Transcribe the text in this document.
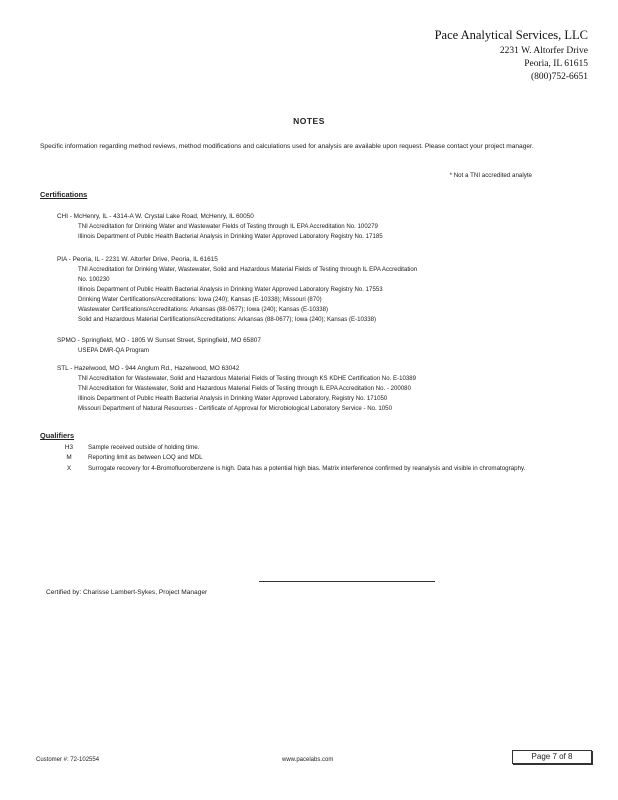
Pace Analytical Services, LLC
2231 W. Altorfer Drive
Peoria, IL 61615
(800)752-6651
NOTES
Specific information regarding method reviews, method modifications and calculations used for analysis are available upon request. Please contact your project manager.
* Not a TNI accredited analyte
Certifications
CHI - McHenry, IL - 4314-A W. Crystal Lake Road, McHenry, IL 60050
TNI Accreditation for Drinking Water and Wastewater Fields of Testing through IL EPA Accreditation No. 100279
Illinois Department of Public Health Bacterial Analysis in Drinking Water Approved Laboratory Registry No. 17185
PIA - Peoria, IL - 2231 W. Altorfer Drive, Peoria, IL 61615
TNI Accreditation for Drinking Water, Wastewater, Solid and Hazardous Material Fields of Testing through IL EPA Accreditation
No. 100230
Illinois Department of Public Health Bacterial Analysis in Drinking Water Approved Laboratory Registry No. 17553
Drinking Water Certifications/Accreditations: Iowa (240); Kansas (E-10338); Missouri (870)
Wastewater Certifications/Accreditations: Arkansas (88-0677); Iowa (240); Kansas (E-10338)
Solid and Hazardous Material Certifications/Accreditations: Arkansas (88-0677); Iowa (240); Kansas (E-10338)
SPMO - Springfield, MO - 1805 W Sunset Street, Springfield, MO 65807
USEPA DMR-QA Program
STL - Hazelwood, MO - 944 Anglum Rd., Hazelwood, MO 63042
TNI Accreditation for Wastewater, Solid and Hazardous Material Fields of Testing through KS KDHE Certification No. E-10389
TNI Accreditation for Wastewater, Solid and Hazardous Material Fields of Testing through IL EPA Accreditation No. - 200080
Illinois Department of Public Health Bacterial Analysis in Drinking Water Approved Laboratory, Registry No. 171050
Missouri Department of Natural Resources - Certificate of Approval for Microbiological Laboratory Service - No. 1050
Qualifiers
H3	Sample received outside of holding time.
M	Reporting limit as between LOQ and MDL
X	Surrogate recovery for 4-Bromofluorobenzene is high. Data has a potential high bias. Matrix interference confirmed by reanalysis and visible in chromatography.
Certified by: Charisse Lambert-Sykes, Project Manager
Customer #: 72-102554	www.pacelabs.com	Page 7 of 8
